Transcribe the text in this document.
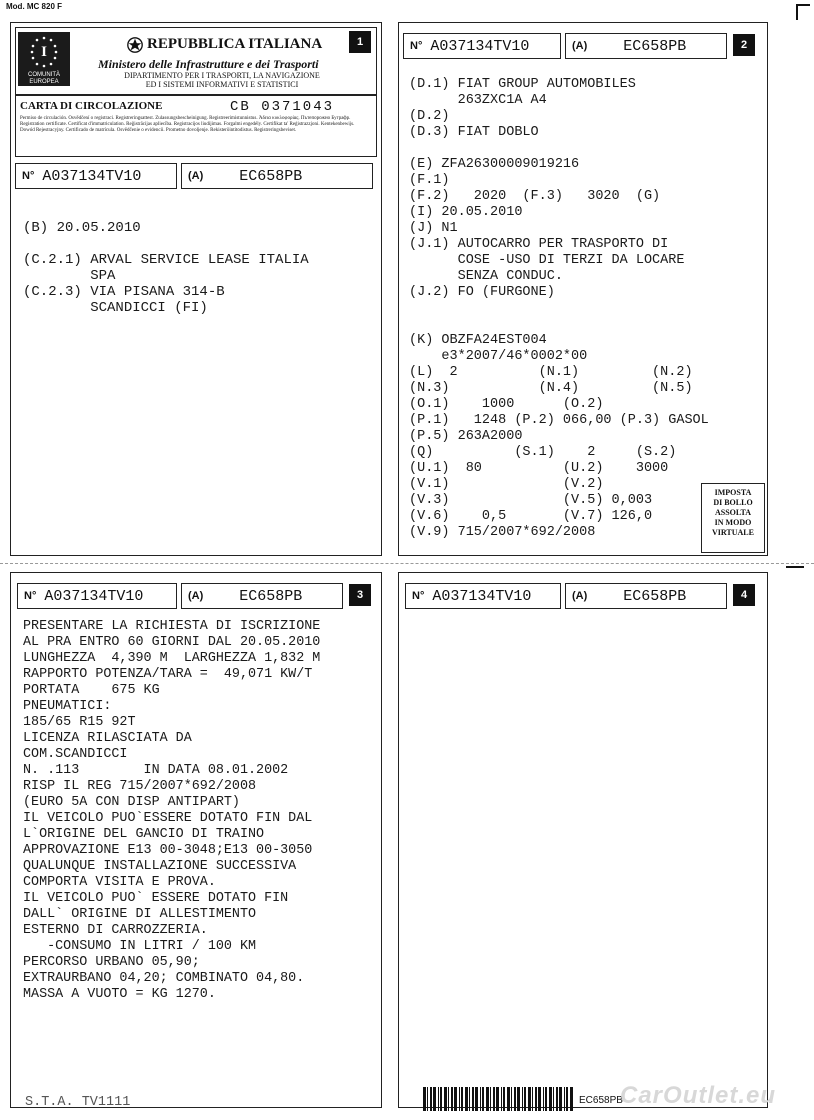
Mod. MC 820 F
1
I
COMUNITÀ EUROPEA
REPUBBLICA ITALIANA
Ministero delle Infrastrutture e dei Trasporti
DIPARTIMENTO PER I TRASPORTI, LA NAVIGAZIONE
ED I SISTEMI INFORMATIVI E STATISTICI
CARTA DI CIRCOLAZIONE	CB 0371043
Permiso de circulación. Osvědčení o registraci. Registreringsattest. Zulassungsbescheinigung. Registreerimistunnistus. Άδεια κυκλοφορίας. Пътепорожно Буграфр. Registration certificate. Certificat d'immatriculation. Reģistrācijas apliecība. Registracijos liudijimas. Forgalmi engedély. Certifikat ta' Reġistrazzjoni. Kentekenbewijs. Dowód Rejestracyjny. Certificado de matrícula. Osvědčenie o evidencii. Prometno dovoljenje. Rekisteröintitodistus. Registreringsbeviset.
N° A037134TV10	(A) EC658PB
(B) 20.05.2010

(C.2.1) ARVAL SERVICE LEASE ITALIA
SPA
(C.2.3) VIA PISANA 314-B
SCANDICCI (FI)
N° A037134TV10	(A) EC658PB	2
(D.1) FIAT GROUP AUTOMOBILES
263ZXC1A A4
(D.2)
(D.3) FIAT DOBLO

(E) ZFA26300009019216
(F.1)
(F.2)   2020  (F.3)   3020  (G)
(I) 20.05.2010
(J) N1
(J.1) AUTOCARRO PER TRASPORTO DI
COSE -USO DI TERZI DA LOCARE
SENZA CONDUC.
(J.2) FO (FURGONE)

(K) OBZFA24EST004
e3*2007/46*0002*00
(L)  2          (N.1)         (N.2)
(N.3)           (N.4)         (N.5)
(O.1)    1000      (O.2)
(P.1)   1248 (P.2) 066,00 (P.3) GASOL
(P.5) 263A2000
(Q)          (S.1)    2     (S.2)
(U.1)  80          (U.2)    3000
(V.1)              (V.2)
(V.3)              (V.5) 0,003
(V.6)    0,5       (V.7) 126,0
(V.9) 715/2007*692/2008
IMPOSTA
DI BOLLO
ASSOLTA
IN MODO
VIRTUALE
N° A037134TV10	(A) EC658PB	3
PRESENTARE LA RICHIESTA DI ISCRIZIONE
AL PRA ENTRO 60 GIORNI DAL 20.05.2010
LUNGHEZZA  4,390 M  LARGHEZZA 1,832 M
RAPPORTO POTENZA/TARA =  49,071 KW/T
PORTATA    675 KG
PNEUMATICI:
185/65 R15 92T
LICENZA RILASCIATA DA
COM.SCANDICCI
N. .113        IN DATA 08.01.2002
RISP IL REG 715/2007*692/2008
(EURO 5A CON DISP ANTIPART)
IL VEICOLO PUO`ESSERE DOTATO FIN DAL
L`ORIGINE DEL GANCIO DI TRAINO
APPROVAZIONE E13 00-3048;E13 00-3050
QUALUNQUE INSTALLAZIONE SUCCESSIVA
COMPORTA VISITA E PROVA.
IL VEICOLO PUO` ESSERE DOTATO FIN
DALL` ORIGINE DI ALLESTIMENTO
ESTERNO DI CARROZZERIA.
-CONSUMO IN LITRI / 100 KM
PERCORSO URBANO 05,90;
EXTRAURBANO 04,20; COMBINATO 04,80.
MASSA A VUOTO = KG 1270.
S.T.A. TV1111
N° A037134TV10	(A) EC658PB	4
EC658PB
CarOutlet.eu
